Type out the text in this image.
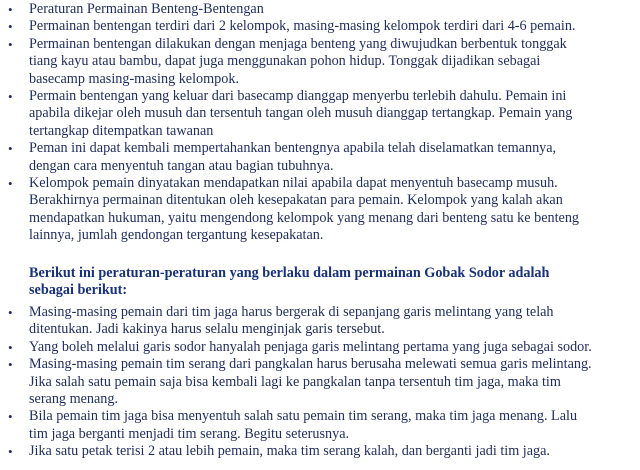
• Peraturan Permainan Benteng-Bentengan
• Permainan bentengan terdiri dari 2 kelompok, masing-masing kelompok terdiri dari 4-6 pemain.
• Permainan bentengan dilakukan dengan menjaga benteng yang diwujudkan berbentuk tonggak
tiang kayu atau bambu, dapat juga menggunakan pohon hidup. Tonggak dijadikan sebagai
basecamp masing-masing kelompok.
• Permain bentengan yang keluar dari basecamp dianggap menyerbu terlebih dahulu. Pemain ini
apabila dikejar oleh musuh dan tersentuh tangan oleh musuh dianggap tertangkap. Pemain yang
tertangkap ditempatkan tawanan
• Peman ini dapat kembali mempertahankan bentengnya apabila telah diselamatkan temannya,
dengan cara menyentuh tangan atau bagian tubuhnya.
• Kelompok pemain dinyatakan mendapatkan nilai apabila dapat menyentuh basecamp musuh.
Berakhirnya permainan ditentukan oleh kesepakatan para pemain. Kelompok yang kalah akan
mendapatkan hukuman, yaitu mengendong kelompok yang menang dari benteng satu ke benteng
lainnya, jumlah gendongan tergantung kesepakatan.
Berikut ini peraturan-peraturan yang berlaku dalam permainan Gobak Sodor adalah
sebagai berikut:
• Masing-masing pemain dari tim jaga harus bergerak di sepanjang garis melintang yang telah
ditentukan. Jadi kakinya harus selalu menginjak garis tersebut.
• Yang boleh melalui garis sodor hanyalah penjaga garis melintang pertama yang juga sebagai sodor.
• Masing-masing pemain tim serang dari pangkalan harus berusaha melewati semua garis melintang.
Jika salah satu pemain saja bisa kembali lagi ke pangkalan tanpa tersentuh tim jaga, maka tim
serang menang.
• Bila pemain tim jaga bisa menyentuh salah satu pemain tim serang, maka tim jaga menang. Lalu
tim jaga berganti menjadi tim serang. Begitu seterusnya.
• Jika satu petak terisi 2 atau lebih pemain, maka tim serang kalah, dan berganti jadi tim jaga.
